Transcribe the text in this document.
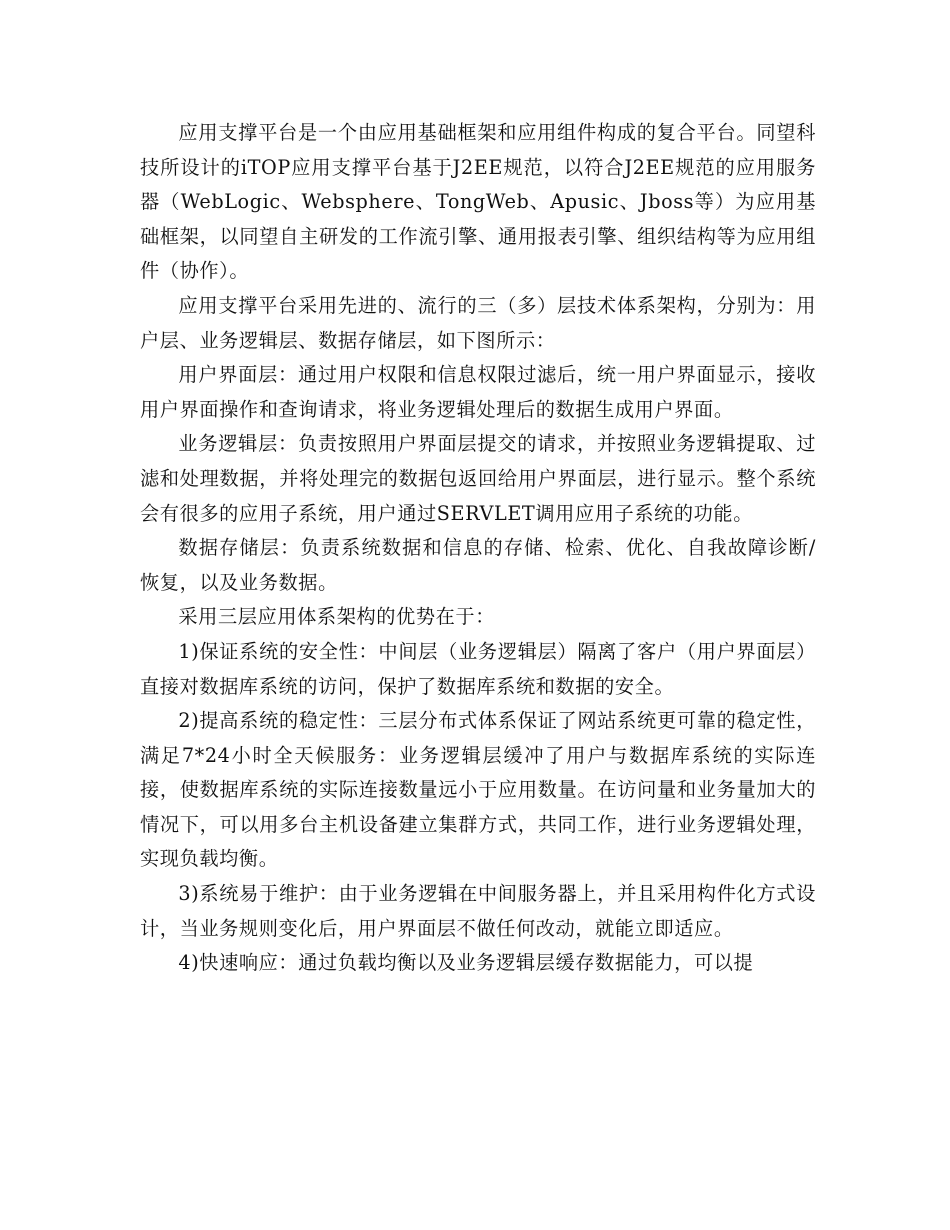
应用支撑平台是一个由应用基础框架和应用组件构成的复合平台。同望科技所设计的iTOP应用支撑平台基于J2EE规范，以符合J2EE规范的应用服务器（WebLogic、Websphere、TongWeb、Apusic、Jboss等）为应用基础框架，以同望自主研发的工作流引擎、通用报表引擎、组织结构等为应用组件（协作）。

应用支撑平台采用先进的、流行的三（多）层技术体系架构，分别为：用户层、业务逻辑层、数据存储层，如下图所示：

用户界面层：通过用户权限和信息权限过滤后，统一用户界面显示，接收用户界面操作和查询请求，将业务逻辑处理后的数据生成用户界面。

业务逻辑层：负责按照用户界面层提交的请求，并按照业务逻辑提取、过滤和处理数据，并将处理完的数据包返回给用户界面层，进行显示。整个系统会有很多的应用子系统，用户通过SERVLET调用应用子系统的功能。

数据存储层：负责系统数据和信息的存储、检索、优化、自我故障诊断/恢复，以及业务数据。

采用三层应用体系架构的优势在于：

1)保证系统的安全性：中间层（业务逻辑层）隔离了客户（用户界面层）直接对数据库系统的访问，保护了数据库系统和数据的安全。

2)提高系统的稳定性：三层分布式体系保证了网站系统更可靠的稳定性，满足7*24小时全天候服务：业务逻辑层缓冲了用户与数据库系统的实际连接，使数据库系统的实际连接数量远小于应用数量。在访问量和业务量加大的情况下，可以用多台主机设备建立集群方式，共同工作，进行业务逻辑处理，实现负载均衡。

3)系统易于维护：由于业务逻辑在中间服务器上，并且采用构件化方式设计，当业务规则变化后，用户界面层不做任何改动，就能立即适应。

4)快速响应：通过负载均衡以及业务逻辑层缓存数据能力，可以提
